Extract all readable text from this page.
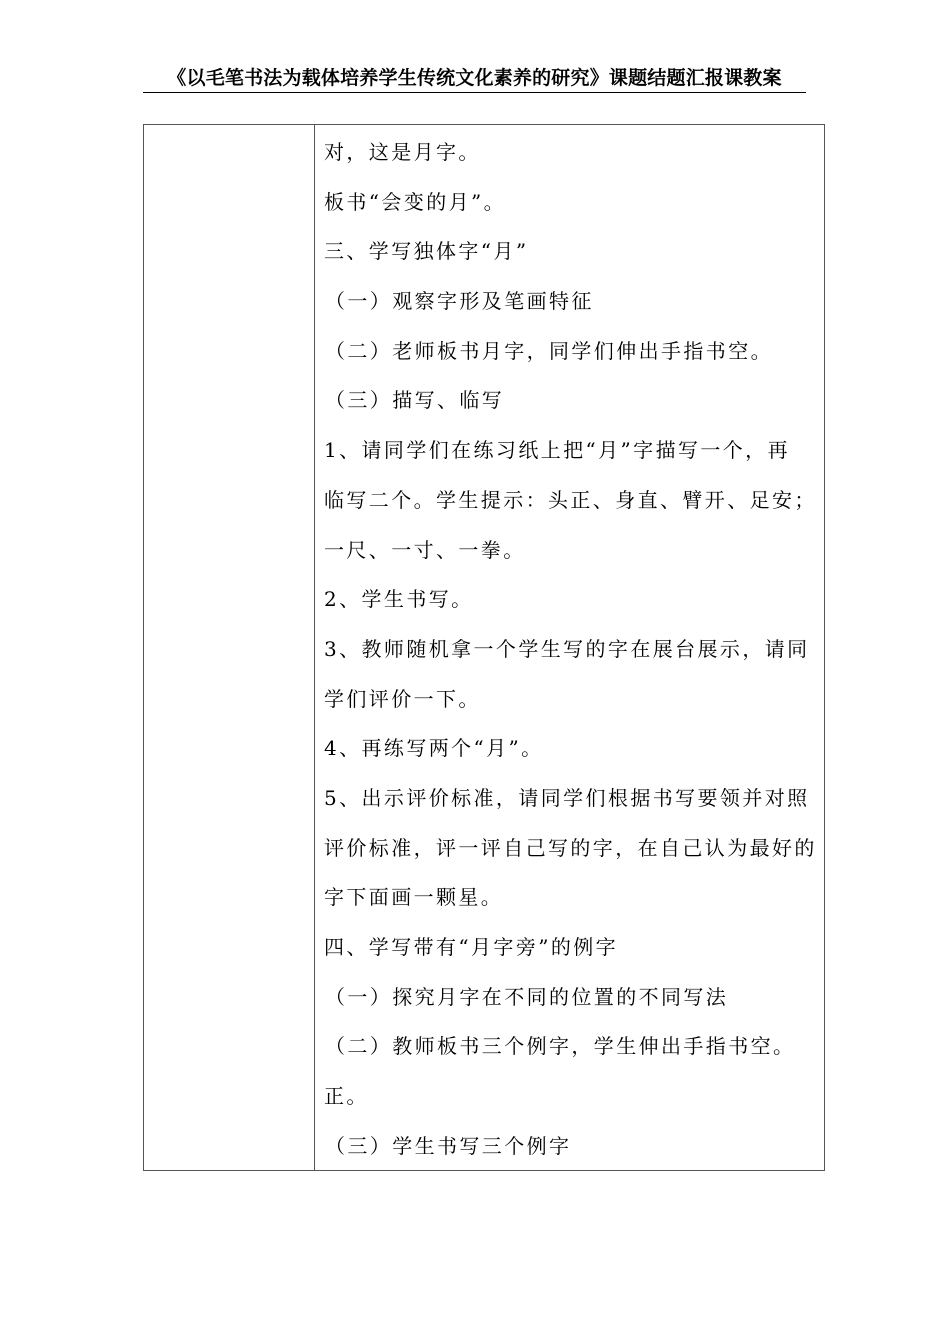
《以毛笔书法为载体培养学生传统文化素养的研究》课题结题汇报课教案
对，这是月字。
板书“会变的月”。
三、学写独体字“月”
（一）观察字形及笔画特征
（二）老师板书月字，同学们伸出手指书空。
（三）描写、临写
1、请同学们在练习纸上把“月”字描写一个，再
临写二个。学生提示：头正、身直、臂开、足安；
一尺、一寸、一拳。
2、学生书写。
3、教师随机拿一个学生写的字在展台展示，请同
学们评价一下。
4、再练写两个“月”。
5、出示评价标准，请同学们根据书写要领并对照
评价标准，评一评自己写的字，在自己认为最好的
字下面画一颗星。
四、学写带有“月字旁”的例字
（一）探究月字在不同的位置的不同写法
（二）教师板书三个例字，学生伸出手指书空。
正。
（三）学生书写三个例字
